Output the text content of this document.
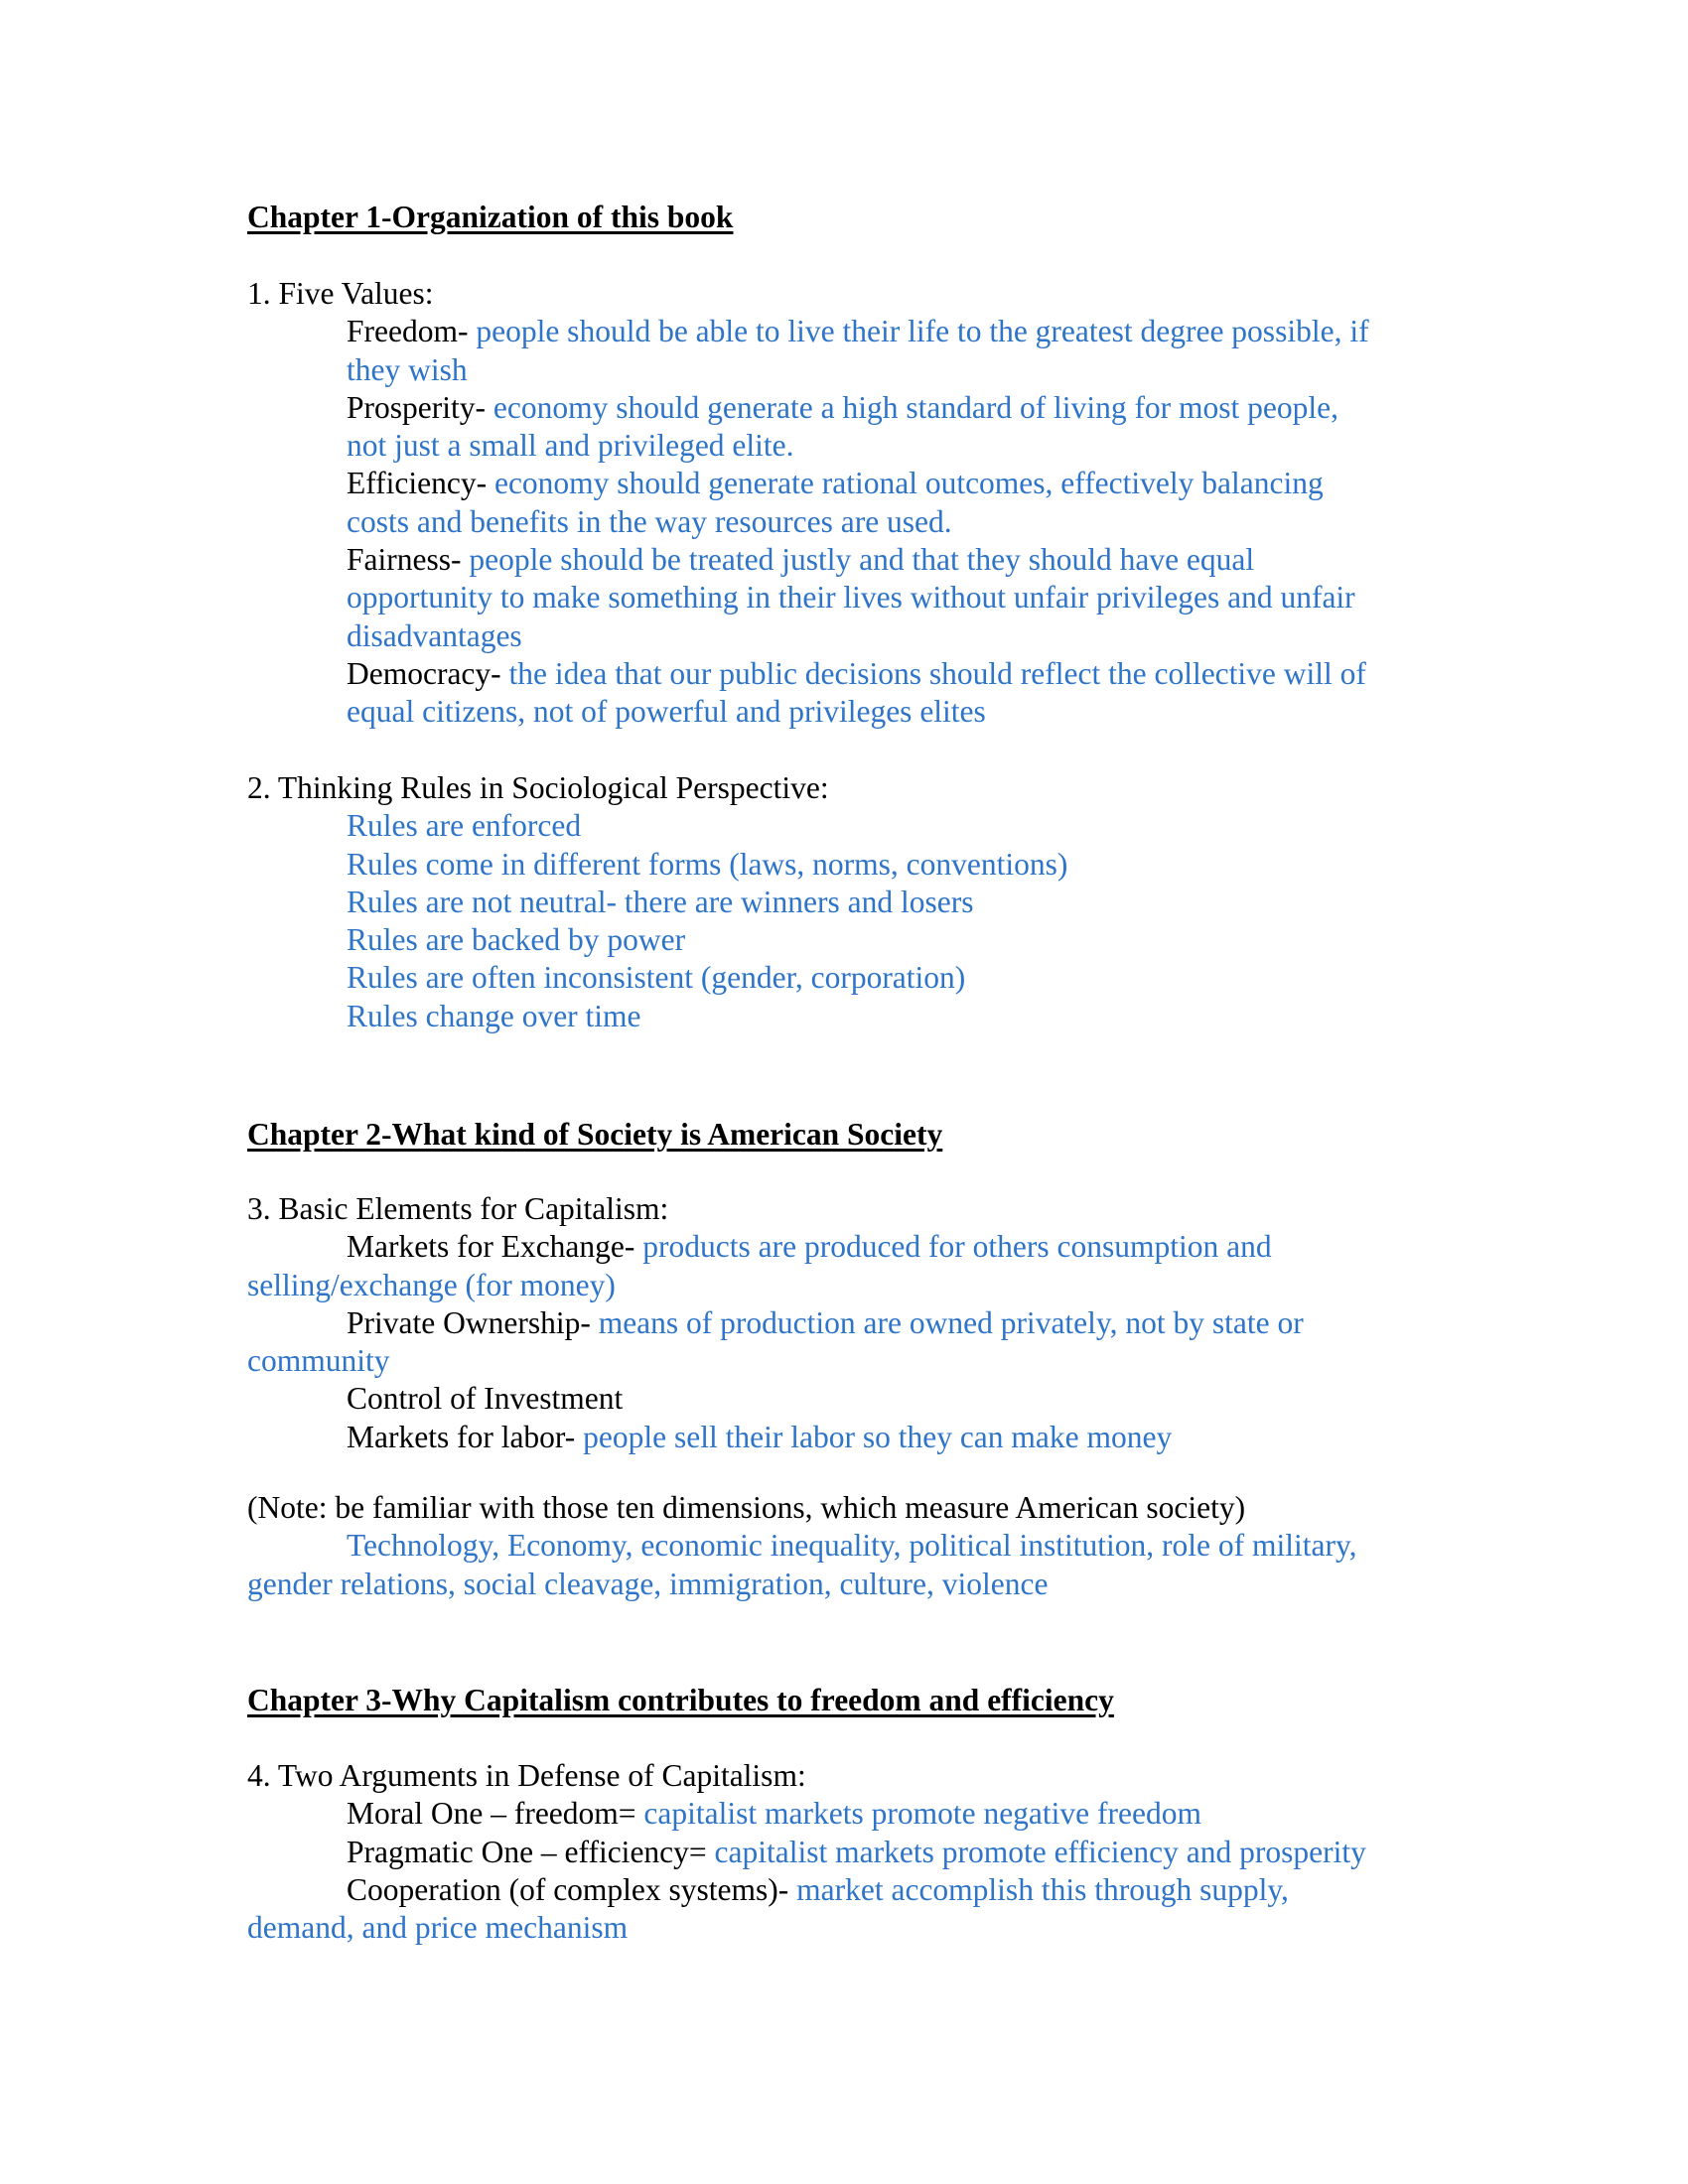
Chapter 1-Organization of this book
1. Five Values:
Freedom- people should be able to live their life to the greatest degree possible, if
they wish
Prosperity- economy should generate a high standard of living for most people,
not just a small and privileged elite.
Efficiency- economy should generate rational outcomes, effectively balancing
costs and benefits in the way resources are used.
Fairness- people should be treated justly and that they should have equal
opportunity to make something in their lives without unfair privileges and unfair
disadvantages
Democracy- the idea that our public decisions should reflect the collective will of
equal citizens, not of powerful and privileges elites
2. Thinking Rules in Sociological Perspective:
Rules are enforced
Rules come in different forms (laws, norms, conventions)
Rules are not neutral- there are winners and losers
Rules are backed by power
Rules are often inconsistent (gender, corporation)
Rules change over time
Chapter 2-What kind of Society is American Society
3. Basic Elements for Capitalism:
Markets for Exchange- products are produced for others consumption and
selling/exchange (for money)
Private Ownership- means of production are owned privately, not by state or
community
Control of Investment
Markets for labor- people sell their labor so they can make money
(Note: be familiar with those ten dimensions, which measure American society)
Technology, Economy, economic inequality, political institution, role of military,
gender relations, social cleavage, immigration, culture, violence
Chapter 3-Why Capitalism contributes to freedom and efficiency
4. Two Arguments in Defense of Capitalism:
Moral One – freedom= capitalist markets promote negative freedom
Pragmatic One – efficiency= capitalist markets promote efficiency and prosperity
Cooperation (of complex systems)- market accomplish this through supply,
demand, and price mechanism
